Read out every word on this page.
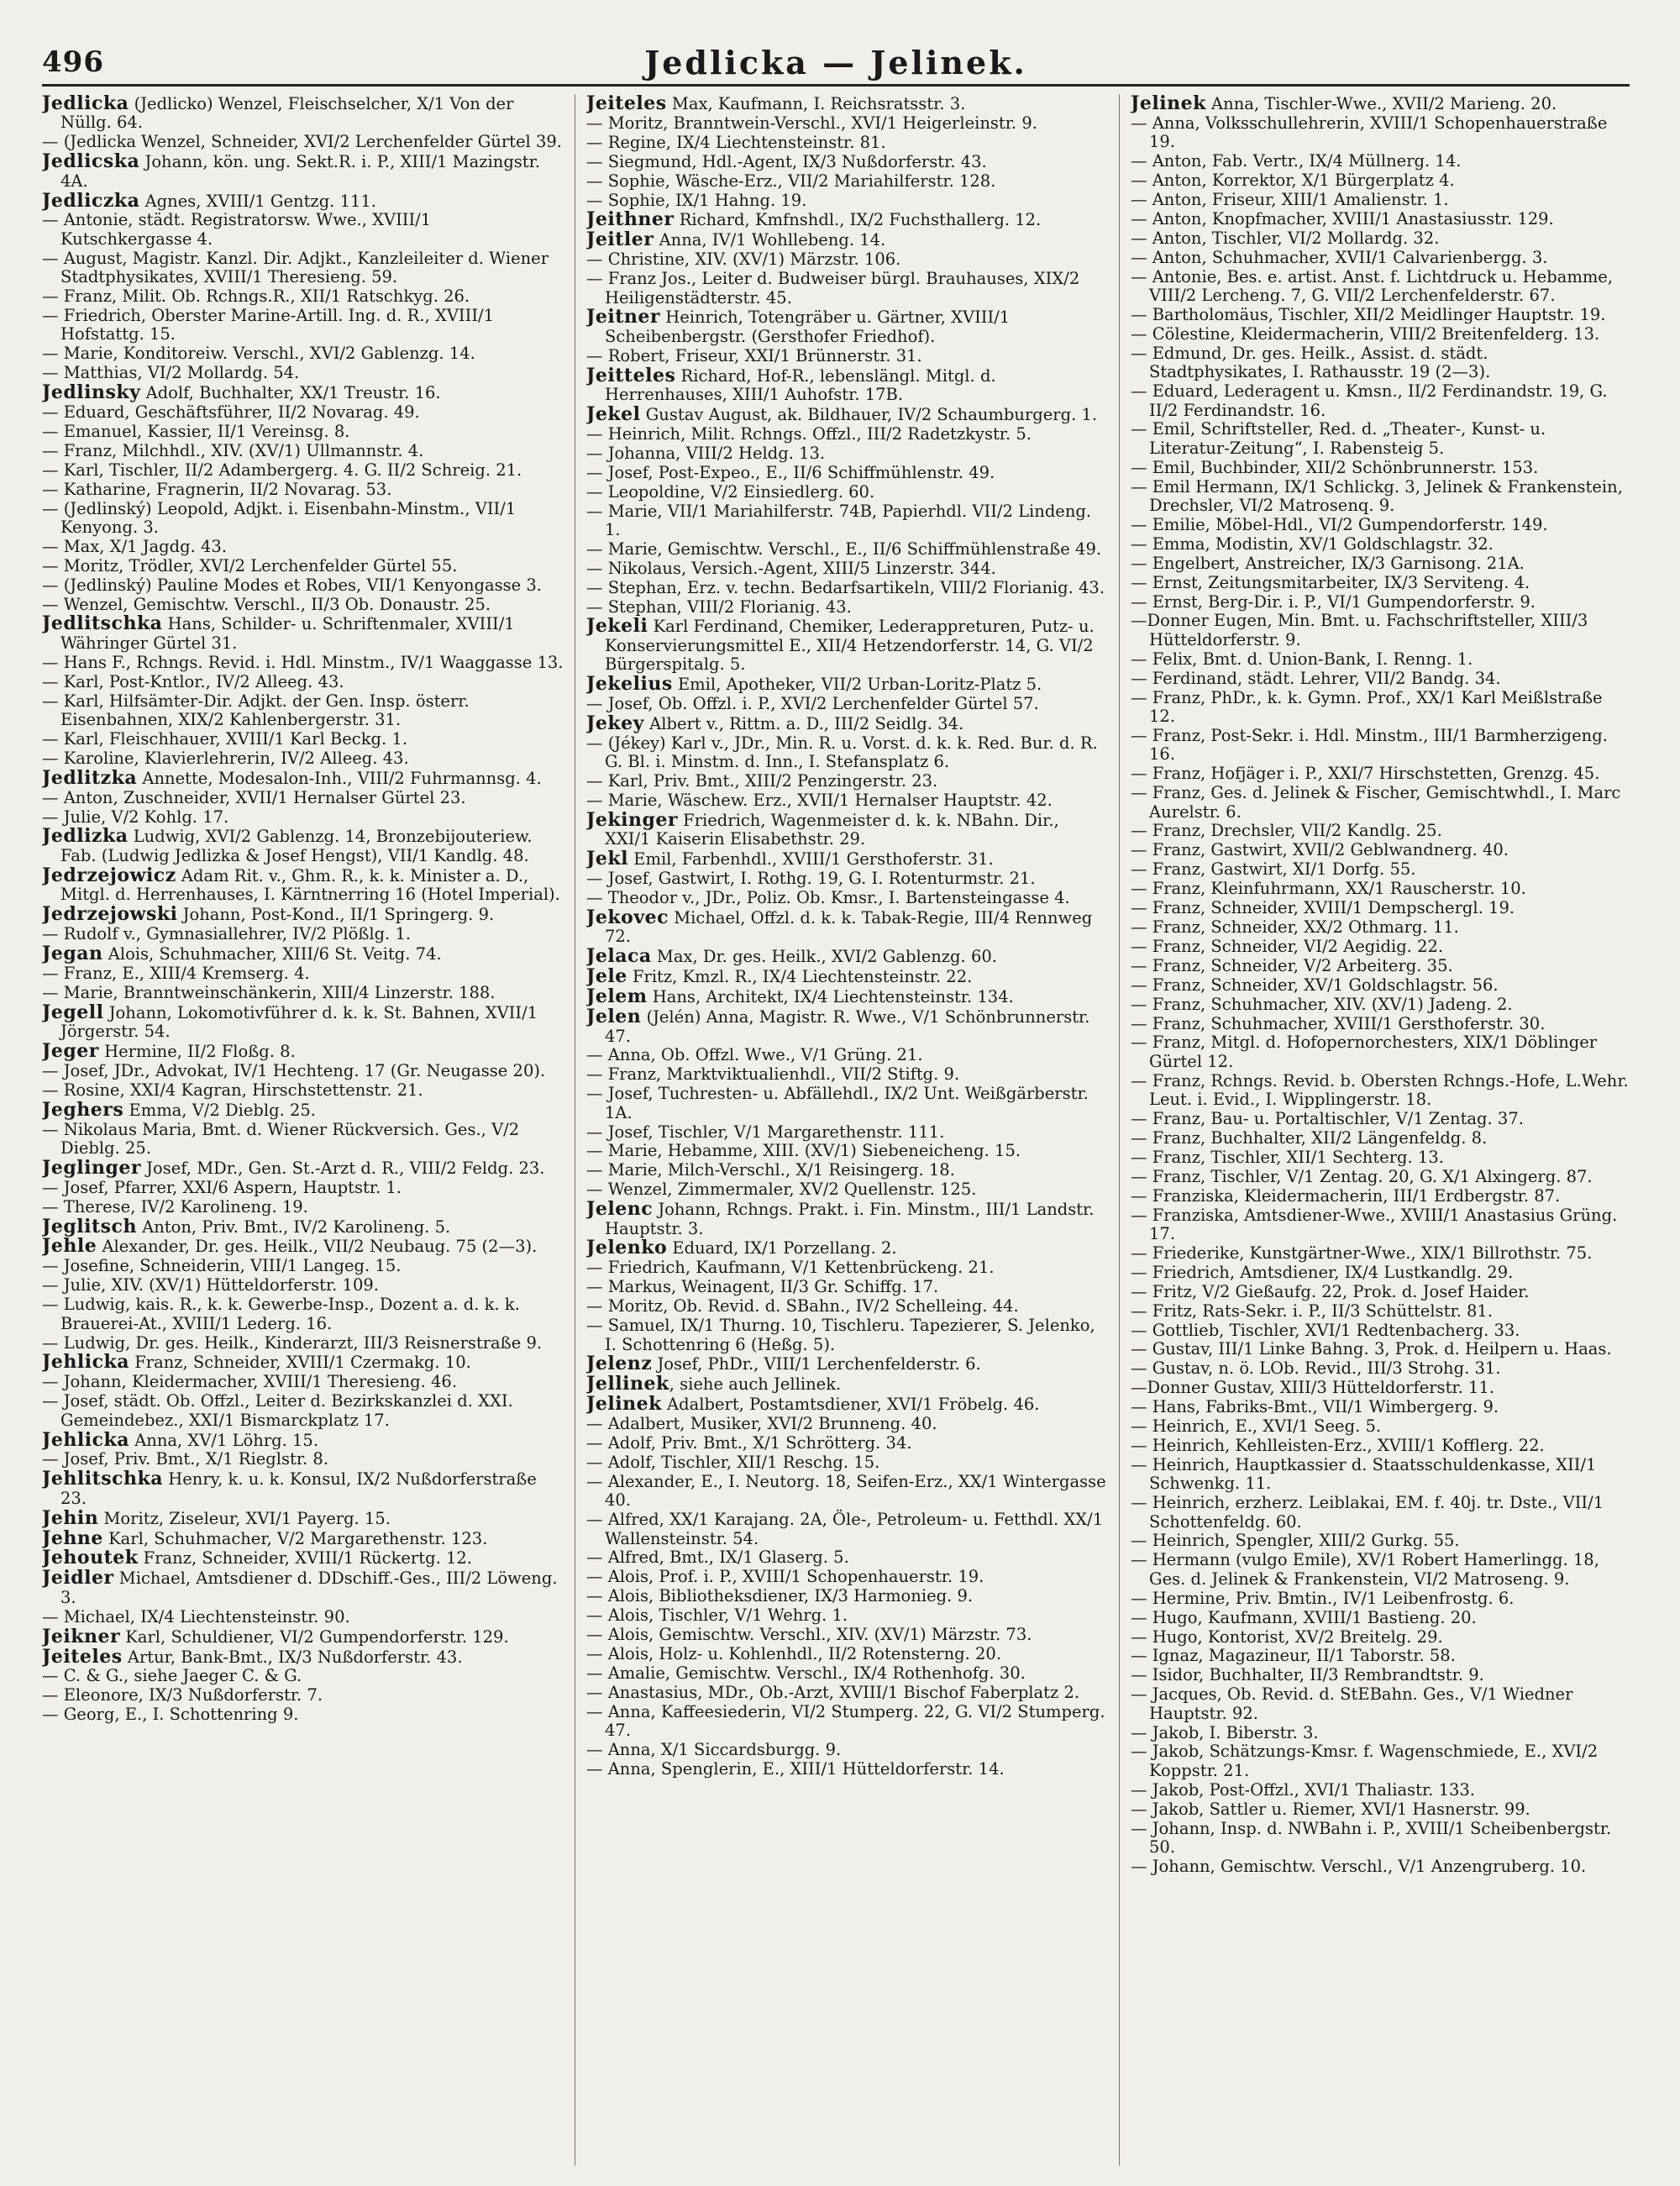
496	Jedlicka — Jelinek.
Jedlicka (Jedlicko) Wenzel, Fleischselcher, X/1 Von der Nüllg. 64.
— (Jedlicka Wenzel, Schneider, XVI/2 Lerchenfelder Gürtel 39.
Jedlicska Johann, kön. ung. Sekt.R. i. P., XIII/1 Mazingstr. 4A.
Jedliczka Agnes, XVIII/1 Gentzg. 111.
— Antonie, städt. Registratorsw. Wwe., XVIII/1 Kutschkergasse 4.
— August, Magistr. Kanzl. Dir. Adjkt., Kanzleileiter d. Wiener Stadtphysikates, XVIII/1 Theresieng. 59.
— Franz, Milit. Ob. Rchngs.R., XII/1 Ratschkyg. 26.
— Friedrich, Oberster Marine-Artill. Ing. d. R., XVIII/1 Hofstattg. 15.
— Marie, Konditoreiw. Verschl., XVI/2 Gablenzg. 14.
— Matthias, VI/2 Mollardg. 54.
Jedlinsky Adolf, Buchhalter, XX/1 Treustr. 16.
— Eduard, Geschäftsführer, II/2 Novarag. 49.
— Emanuel, Kassier, II/1 Vereinsg. 8.
— Franz, Milchhdl., XIV. (XV/1) Ullmannstr. 4.
— Karl, Tischler, II/2 Adambergerg. 4. G. II/2 Schreig. 21.
— Katharine, Fragnerin, II/2 Novarag. 53.
— (Jedlinský) Leopold, Adjkt. i. Eisenbahn-Minstm., VII/1 Kenyong. 3.
— Max, X/1 Jagdg. 43.
— Moritz, Trödler, XVI/2 Lerchenfelder Gürtel 55.
— (Jedlinský) Pauline Modes et Robes, VII/1 Kenyongasse 3.
— Wenzel, Gemischtw. Verschl., II/3 Ob. Donaustr. 25.
Jedlitschka Hans, Schilder- u. Schriftenmaler, XVIII/1 Währinger Gürtel 31.
— Hans F., Rchngs. Revid. i. Hdl. Minstm., IV/1 Waaggasse 13.
— Karl, Post-Kntlor., IV/2 Alleeg. 43.
— Karl, Hilfsämter-Dir. Adjkt. der Gen. Insp. österr. Eisenbahnen, XIX/2 Kahlenbergerstr. 31.
— Karl, Fleischhauer, XVIII/1 Karl Beckg. 1.
— Karoline, Klavierlehrerin, IV/2 Alleeg. 43.
Jedlitzka Annette, Modesalon-Inh., VIII/2 Fuhrmannsg. 4.
— Anton, Zuschneider, XVII/1 Hernalser Gürtel 23.
— Julie, V/2 Kohlg. 17.
Jedlizka Ludwig, XVI/2 Gablenzg. 14, Bronzebijouteriew. Fab. (Ludwig Jedlizka & Josef Hengst), VII/1 Kandlg. 48.
Jedrzejowicz Adam Rit. v., Ghm. R., k. k. Minister a. D., Mitgl. d. Herrenhauses, I. Kärntnerring 16 (Hotel Imperial).
Jedrzejowski Johann, Post-Kond., II/1 Springerg. 9.
— Rudolf v., Gymnasiallehrer, IV/2 Plößlg. 1.
Jegan Alois, Schuhmacher, XIII/6 St. Veitg. 74.
— Franz, E., XIII/4 Kremserg. 4.
— Marie, Branntweinschänkerin, XIII/4 Linzerstr. 188.
Jegell Johann, Lokomotivführer d. k. k. St. Bahnen, XVII/1 Jörgerstr. 54.
Jeger Hermine, II/2 Floßg. 8.
— Josef, JDr., Advokat, IV/1 Hechteng. 17 (Gr. Neugasse 20).
— Rosine, XXI/4 Kagran, Hirschstettenstr. 21.
Jeghers Emma, V/2 Dieblg. 25.
— Nikolaus Maria, Bmt. d. Wiener Rückversich. Ges., V/2 Dieblg. 25.
Jeglinger Josef, MDr., Gen. St.-Arzt d. R., VIII/2 Feldg. 23.
— Josef, Pfarrer, XXI/6 Aspern, Hauptstr. 1.
— Therese, IV/2 Karolineng. 19.
Jeglitsch Anton, Priv. Bmt., IV/2 Karolineng. 5.
Jehle Alexander, Dr. ges. Heilk., VII/2 Neubaug. 75 (2—3).
— Josefine, Schneiderin, VIII/1 Langeg. 15.
— Julie, XIV. (XV/1) Hütteldorferstr. 109.
— Ludwig, kais. R., k. k. Gewerbe-Insp., Dozent a. d. k. k. Brauerei-At., XVIII/1 Lederg. 16.
— Ludwig, Dr. ges. Heilk., Kinderarzt, III/3 Reisnerstraße 9.
Jehlicka Franz, Schneider, XVIII/1 Czermakg. 10.
— Johann, Kleidermacher, XVIII/1 Theresieng. 46.
— Josef, städt. Ob. Offzl., Leiter d. Bezirkskanzlei d. XXI. Gemeindebez., XXI/1 Bismarckplatz 17.
Jehlicka Anna, XV/1 Löhrg. 15.
— Josef, Priv. Bmt., X/1 Rieglstr. 8.
Jehlitschka Henry, k. u. k. Konsul, IX/2 Nußdorferstraße 23.
Jehin Moritz, Ziseleur, XVI/1 Payerg. 15.
Jehne Karl, Schuhmacher, V/2 Margarethenstr. 123.
Jehoutek Franz, Schneider, XVIII/1 Rückertg. 12.
Jeidler Michael, Amtsdiener d. DDschiff.-Ges., III/2 Löweng. 3.
— Michael, IX/4 Liechtensteinstr. 90.
Jeikner Karl, Schuldiener, VI/2 Gumpendorferstr. 129.
Jeiteles Artur, Bank-Bmt., IX/3 Nußdorferstr. 43.
— C. & G., siehe Jaeger C. & G.
— Eleonore, IX/3 Nußdorferstr. 7.
— Georg, E., I. Schottenring 9.
Jeiteles Max, Kaufmann, I. Reichsratsstr. 3.
— Moritz, Branntwein-Verschl., XVI/1 Heigerleinstr. 9.
— Regine, IX/4 Liechtensteinstr. 81.
— Siegmund, Hdl.-Agent, IX/3 Nußdorferstr. 43.
— Sophie, Wäsche-Erz., VII/2 Mariahilferstr. 128.
— Sophie, IX/1 Hahng. 19.
Jeithner Richard, Kmfnshdl., IX/2 Fuchsthallerg. 12.
Jeitler Anna, IV/1 Wohllebeng. 14.
— Christine, XIV. (XV/1) Märzstr. 106.
— Franz Jos., Leiter d. Budweiser bürgl. Brauhauses, XIX/2 Heiligenstädterstr. 45.
Jeitner Heinrich, Totengräber u. Gärtner, XVIII/1 Scheibenbergstr. (Gersthofer Friedhof).
— Robert, Friseur, XXI/1 Brünnerstr. 31.
Jeitteles Richard, Hof-R., lebenslängl. Mitgl. d. Herrenhauses, XIII/1 Auhofstr. 17B.
Jekel Gustav August, ak. Bildhauer, IV/2 Schaumburgerg. 1.
— Heinrich, Milit. Rchngs. Offzl., III/2 Radetzkystr. 5.
— Johanna, VIII/2 Heldg. 13.
— Josef, Post-Expeo., E., II/6 Schiffmühlenstr. 49.
— Leopoldine, V/2 Einsiedlerg. 60.
— Marie, VII/1 Mariahilferstr. 74B, Papierhdl. VII/2 Lindeng. 1.
— Marie, Gemischtw. Verschl., E., II/6 Schiffmühlenstraße 49.
— Nikolaus, Versich.-Agent, XIII/5 Linzerstr. 344.
— Stephan, Erz. v. techn. Bedarfsartikeln, VIII/2 Florianig. 43.
— Stephan, VIII/2 Florianig. 43.
Jekeli Karl Ferdinand, Chemiker, Lederappreturen, Putz- u. Konservierungsmittel E., XII/4 Hetzendorferstr. 14, G. VI/2 Bürgerspitalg. 5.
Jekelius Emil, Apotheker, VII/2 Urban-Loritz-Platz 5.
— Josef, Ob. Offzl. i. P., XVI/2 Lerchenfelder Gürtel 57.
Jekey Albert v., Rittm. a. D., III/2 Seidlg. 34.
— (Jékey) Karl v., JDr., Min. R. u. Vorst. d. k. k. Red. Bur. d. R. G. Bl. i. Minstm. d. Inn., I. Stefansplatz 6.
— Karl, Priv. Bmt., XIII/2 Penzingerstr. 23.
— Marie, Wäschew. Erz., XVII/1 Hernalser Hauptstr. 42.
Jekinger Friedrich, Wagenmeister d. k. k. NBahn. Dir., XXI/1 Kaiserin Elisabethstr. 29.
Jekl Emil, Farbenhdl., XVIII/1 Gersthoferstr. 31.
— Josef, Gastwirt, I. Rothg. 19, G. I. Rotenturmstr. 21.
— Theodor v., JDr., Poliz. Ob. Kmsr., I. Bartensteingasse 4.
Jekovec Michael, Offzl. d. k. k. Tabak-Regie, III/4 Rennweg 72.
Jelaca Max, Dr. ges. Heilk., XVI/2 Gablenzg. 60.
Jele Fritz, Kmzl. R., IX/4 Liechtensteinstr. 22.
Jelem Hans, Architekt, IX/4 Liechtensteinstr. 134.
Jelen (Jelén) Anna, Magistr. R. Wwe., V/1 Schönbrunnerstr. 47.
— Anna, Ob. Offzl. Wwe., V/1 Grüng. 21.
— Franz, Marktviktualienhdl., VII/2 Stiftg. 9.
— Josef, Tuchresten- u. Abfällehdl., IX/2 Unt. Weißgärberstr. 1A.
— Josef, Tischler, V/1 Margarethenstr. 111.
— Marie, Hebamme, XIII. (XV/1) Siebeneicheng. 15.
— Marie, Milch-Verschl., X/1 Reisingerg. 18.
— Wenzel, Zimmermaler, XV/2 Quellenstr. 125.
Jelenc Johann, Rchngs. Prakt. i. Fin. Minstm., III/1 Landstr. Hauptstr. 3.
Jelenko Eduard, IX/1 Porzellang. 2.
— Friedrich, Kaufmann, V/1 Kettenbrückeng. 21.
— Markus, Weinagent, II/3 Gr. Schiffg. 17.
— Moritz, Ob. Revid. d. SBahn., IV/2 Schelleing. 44.
— Samuel, IX/1 Thurng. 10, Tischleru. Tapezierer, S. Jelenko, I. Schottenring 6 (Heßg. 5).
Jelenz Josef, PhDr., VIII/1 Lerchenfelderstr. 6.
Jellinek, siehe auch Jellinek.
Jelinek Adalbert, Postamtsdiener, XVI/1 Fröbelg. 46.
— Adalbert, Musiker, XVI/2 Brunneng. 40.
— Adolf, Priv. Bmt., X/1 Schrötterg. 34.
— Adolf, Tischler, XII/1 Reschg. 15.
— Alexander, E., I. Neutorg. 18, Seifen-Erz., XX/1 Wintergasse 40.
— Alfred, XX/1 Karajang. 2A, Öle-, Petroleum- u. Fetthdl. XX/1 Wallensteinstr. 54.
— Alfred, Bmt., IX/1 Glaserg. 5.
— Alois, Prof. i. P., XVIII/1 Schopenhauerstr. 19.
— Alois, Bibliotheksdiener, IX/3 Harmonieg. 9.
— Alois, Tischler, V/1 Wehrg. 1.
— Alois, Gemischtw. Verschl., XIV. (XV/1) Märzstr. 73.
— Alois, Holz- u. Kohlenhdl., II/2 Rotensterng. 20.
— Amalie, Gemischtw. Verschl., IX/4 Rothenhofg. 30.
— Anastasius, MDr., Ob.-Arzt, XVIII/1 Bischof Faberplatz 2.
— Anna, Kaffeesiederin, VI/2 Stumperg. 22, G. VI/2 Stumperg. 47.
— Anna, X/1 Siccardsburgg. 9.
— Anna, Spenglerin, E., XIII/1 Hütteldorferstr. 14.
Jelinek Anna, Tischler-Wwe., XVII/2 Marieng. 20.
— Anna, Volksschullehrerin, XVIII/1 Schopenhauerstraße 19.
— Anton, Fab. Vertr., IX/4 Müllnerg. 14.
— Anton, Korrektor, X/1 Bürgerplatz 4.
— Anton, Friseur, XIII/1 Amalienstr. 1.
— Anton, Knopfmacher, XVIII/1 Anastasiusstr. 129.
— Anton, Tischler, VI/2 Mollardg. 32.
— Anton, Schuhmacher, XVII/1 Calvarienbergg. 3.
— Antonie, Bes. e. artist. Anst. f. Lichtdruck u. Hebamme, VIII/2 Lercheng. 7, G. VII/2 Lerchenfelderstr. 67.
— Bartholomäus, Tischler, XII/2 Meidlinger Hauptstr. 19.
— Cölestine, Kleidermacherin, VIII/2 Breitenfelderg. 13.
— Edmund, Dr. ges. Heilk., Assist. d. städt. Stadtphysikates, I. Rathausstr. 19 (2—3).
— Eduard, Lederagent u. Kmsn., II/2 Ferdinandstr. 19, G. II/2 Ferdinandstr. 16.
— Emil, Schriftsteller, Red. d. „Theater-, Kunst- u. Literatur-Zeitung“, I. Rabensteig 5.
— Emil, Buchbinder, XII/2 Schönbrunnerstr. 153.
— Emil Hermann, IX/1 Schlickg. 3, Jelinek & Frankenstein, Drechsler, VI/2 Matrosenq. 9.
— Emilie, Möbel-Hdl., VI/2 Gumpendorferstr. 149.
— Emma, Modistin, XV/1 Goldschlagstr. 32.
— Engelbert, Anstreicher, IX/3 Garnisong. 21A.
— Ernst, Zeitungsmitarbeiter, IX/3 Serviteng. 4.
— Ernst, Berg-Dir. i. P., VI/1 Gumpendorferstr. 9.
—Donner Eugen, Min. Bmt. u. Fachschriftsteller, XIII/3 Hütteldorferstr. 9.
— Felix, Bmt. d. Union-Bank, I. Renng. 1.
— Ferdinand, städt. Lehrer, VII/2 Bandg. 34.
— Franz, PhDr., k. k. Gymn. Prof., XX/1 Karl Meißlstraße 12.
— Franz, Post-Sekr. i. Hdl. Minstm., III/1 Barmherzigeng. 16.
— Franz, Hofjäger i. P., XXI/7 Hirschstetten, Grenzg. 45.
— Franz, Ges. d. Jelinek & Fischer, Gemischtwhdl., I. Marc Aurelstr. 6.
— Franz, Drechsler, VII/2 Kandlg. 25.
— Franz, Gastwirt, XVII/2 Geblwandnerg. 40.
— Franz, Gastwirt, XI/1 Dorfg. 55.
— Franz, Kleinfuhrmann, XX/1 Rauscherstr. 10.
— Franz, Schneider, XVIII/1 Dempschergl. 19.
— Franz, Schneider, XX/2 Othmarg. 11.
— Franz, Schneider, VI/2 Aegidig. 22.
— Franz, Schneider, V/2 Arbeiterg. 35.
— Franz, Schneider, XV/1 Goldschlagstr. 56.
— Franz, Schuhmacher, XIV. (XV/1) Jadeng. 2.
— Franz, Schuhmacher, XVIII/1 Gersthoferstr. 30.
— Franz, Mitgl. d. Hofopernorchesters, XIX/1 Döblinger Gürtel 12.
— Franz, Rchngs. Revid. b. Obersten Rchngs.-Hofe, L.Wehr. Leut. i. Evid., I. Wipplingerstr. 18.
— Franz, Bau- u. Portaltischler, V/1 Zentag. 37.
— Franz, Buchhalter, XII/2 Längenfeldg. 8.
— Franz, Tischler, XII/1 Sechterg. 13.
— Franz, Tischler, V/1 Zentag. 20, G. X/1 Alxingerg. 87.
— Franziska, Kleidermacherin, III/1 Erdbergstr. 87.
— Franziska, Amtsdiener-Wwe., XVIII/1 Anastasius Grüng. 17.
— Friederike, Kunstgärtner-Wwe., XIX/1 Billrothstr. 75.
— Friedrich, Amtsdiener, IX/4 Lustkandlg. 29.
— Fritz, V/2 Gießaufg. 22, Prok. d. Josef Haider.
— Fritz, Rats-Sekr. i. P., II/3 Schüttelstr. 81.
— Gottlieb, Tischler, XVI/1 Redtenbacherg. 33.
— Gustav, III/1 Linke Bahng. 3, Prok. d. Heilpern u. Haas.
— Gustav, n. ö. LOb. Revid., III/3 Strohg. 31.
—Donner Gustav, XIII/3 Hütteldorferstr. 11.
— Hans, Fabriks-Bmt., VII/1 Wimbergerg. 9.
— Heinrich, E., XVI/1 Seeg. 5.
— Heinrich, Kehlleisten-Erz., XVIII/1 Kofflerg. 22.
— Heinrich, Hauptkassier d. Staatsschuldenkasse, XII/1 Schwenkg. 11.
— Heinrich, erzherz. Leiblakai, EM. f. 40j. tr. Dste., VII/1 Schottenfeldg. 60.
— Heinrich, Spengler, XIII/2 Gurkg. 55.
— Hermann (vulgo Emile), XV/1 Robert Hamerlingg. 18, Ges. d. Jelinek & Frankenstein, VI/2 Matroseng. 9.
— Hermine, Priv. Bmtin., IV/1 Leibenfrostg. 6.
— Hugo, Kaufmann, XVIII/1 Bastieng. 20.
— Hugo, Kontorist, XV/2 Breitelg. 29.
— Ignaz, Magazineur, II/1 Taborstr. 58.
— Isidor, Buchhalter, II/3 Rembrandtstr. 9.
— Jacques, Ob. Revid. d. StEBahn. Ges., V/1 Wiedner Hauptstr. 92.
— Jakob, I. Biberstr. 3.
— Jakob, Schätzungs-Kmsr. f. Wagenschmiede, E., XVI/2 Koppstr. 21.
— Jakob, Post-Offzl., XVI/1 Thaliastr. 133.
— Jakob, Sattler u. Riemer, XVI/1 Hasnerstr. 99.
— Johann, Insp. d. NWBahn i. P., XVIII/1 Scheibenbergstr. 50.
— Johann, Gemischtw. Verschl., V/1 Anzengruberg. 10.
